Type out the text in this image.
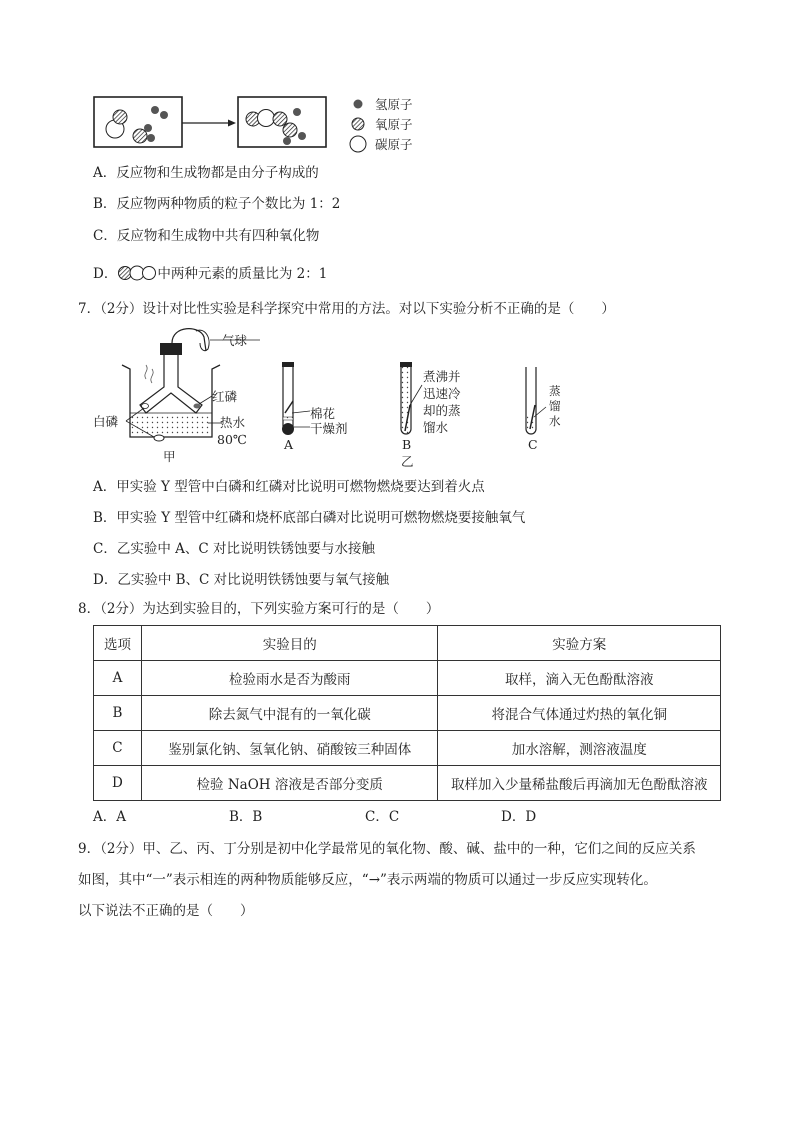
氢原子
氧原子
碳原子
A．反应物和生成物都是由分子构成的
B．反应物两种物质的粒子个数比为 1：2
C．反应物和生成物中共有四种氧化物
D．	中两种元素的质量比为 2：1
7．（2分）设计对比性实验是科学探究中常用的方法。对以下实验分析不正确的是（　　）
气球
红磷
白磷	热水
80℃
甲
棉花
干燥剂
A
煮沸并
迅速冷
却的蒸
馏水
B
乙
蒸
馏
水
C
A．甲实验 Y 型管中白磷和红磷对比说明可燃物燃烧要达到着火点
B．甲实验 Y 型管中红磷和烧杯底部白磷对比说明可燃物燃烧要接触氧气
C．乙实验中 A、C 对比说明铁锈蚀要与水接触
D．乙实验中 B、C 对比说明铁锈蚀要与氧气接触
8．（2分）为达到实验目的，下列实验方案可行的是（　　）
选项	实验目的	实验方案
A	检验雨水是否为酸雨	取样，滴入无色酚酞溶液
B	除去氮气中混有的一氧化碳	将混合气体通过灼热的氧化铜
C	鉴别氯化钠、氢氧化钠、硝酸铵三种固体	加水溶解，测溶液温度
D	检验 NaOH 溶液是否部分变质	取样加入少量稀盐酸后再滴加无色酚酞溶液
A．A	B．B	C．C	D．D
9．（2分）甲、乙、丙、丁分别是初中化学最常见的氧化物、酸、碱、盐中的一种，它们之间的反应关系
如图，其中“一”表示相连的两种物质能够反应，“→”表示两端的物质可以通过一步反应实现转化。
以下说法不正确的是（　　）
